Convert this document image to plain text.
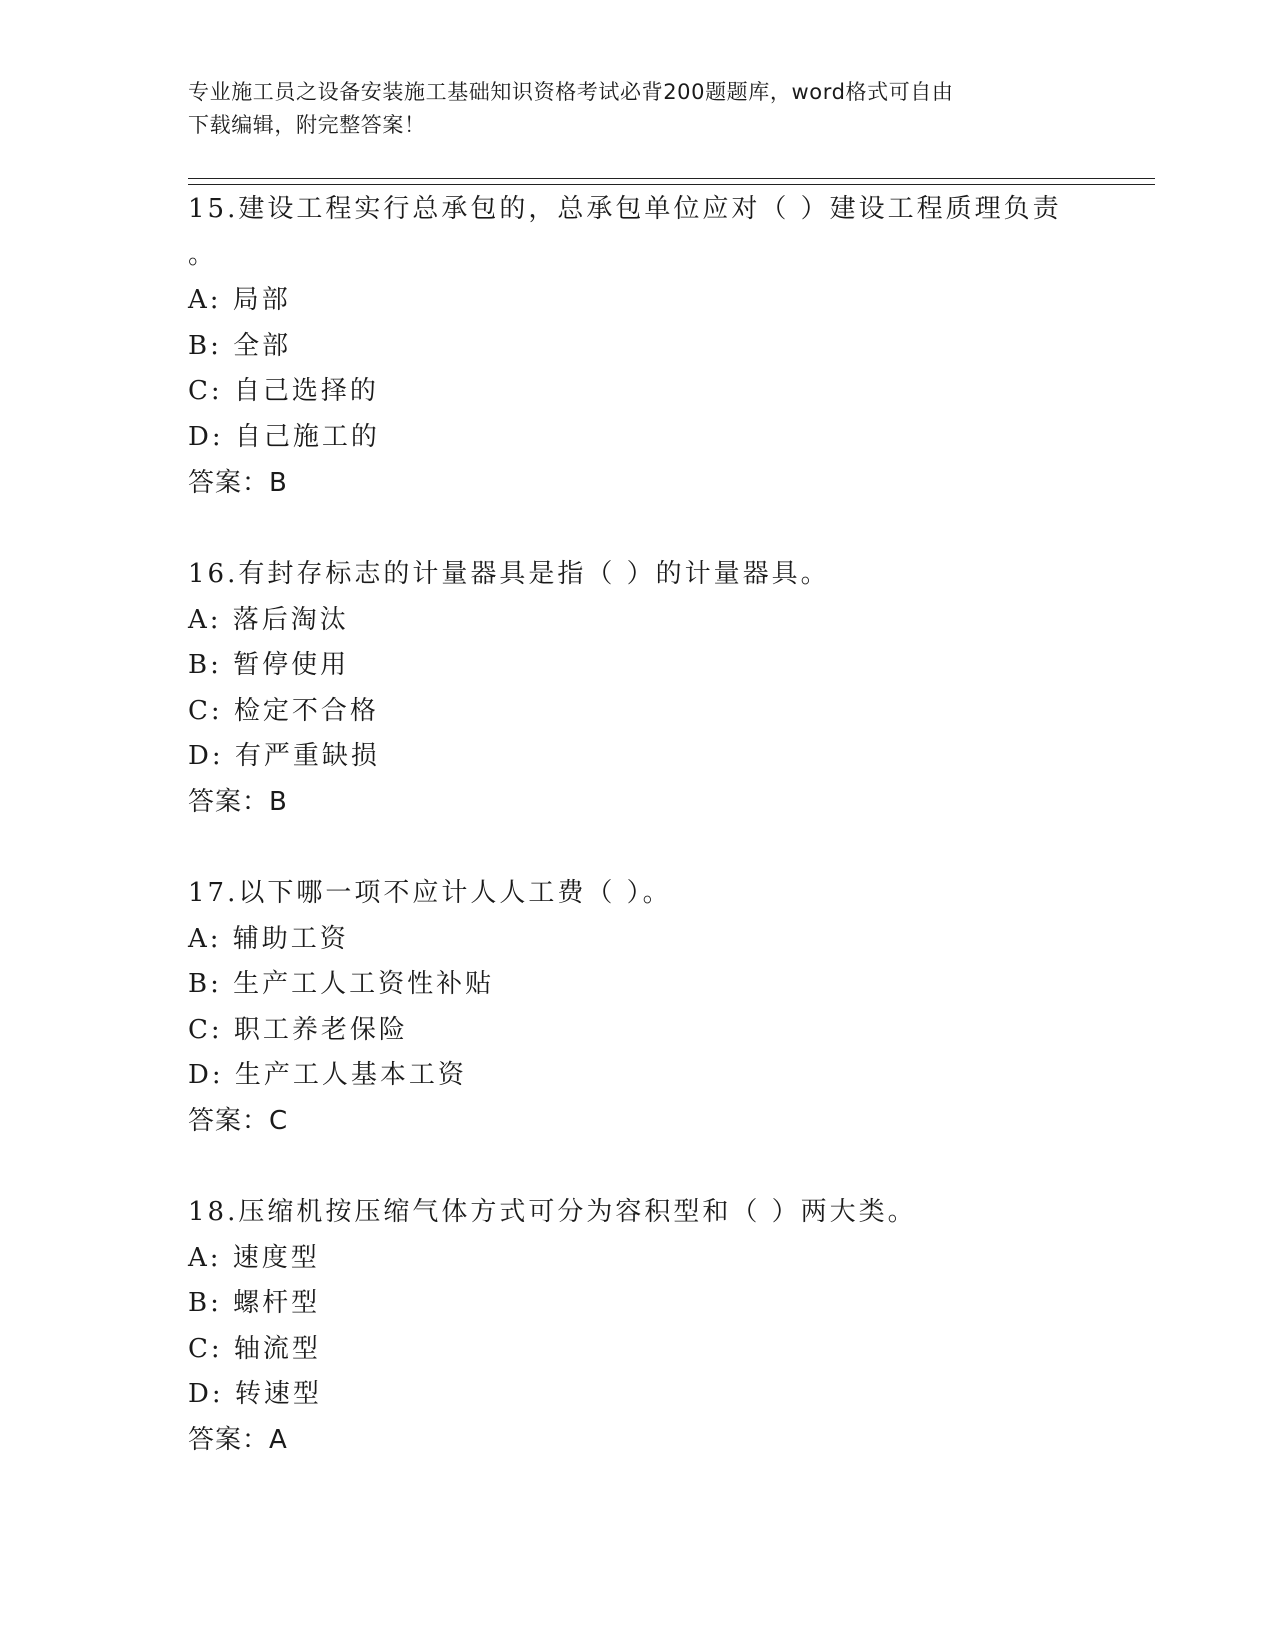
专业施工员之设备安装施工基础知识资格考试必背200题题库，word格式可自由
下载编辑，附完整答案！
15.建设工程实行总承包的，总承包单位应对（ ）建设工程质理负责
。
A: 局部
B: 全部
C: 自己选择的
D: 自己施工的
答案：B
16.有封存标志的计量器具是指（ ）的计量器具。
A: 落后淘汰
B: 暂停使用
C: 检定不合格
D: 有严重缺损
答案：B
17.以下哪一项不应计人人工费（ ）。
A: 辅助工资
B: 生产工人工资性补贴
C: 职工养老保险
D: 生产工人基本工资
答案：C
18.压缩机按压缩气体方式可分为容积型和（ ）两大类。
A: 速度型
B: 螺杆型
C: 轴流型
D: 转速型
答案：A
